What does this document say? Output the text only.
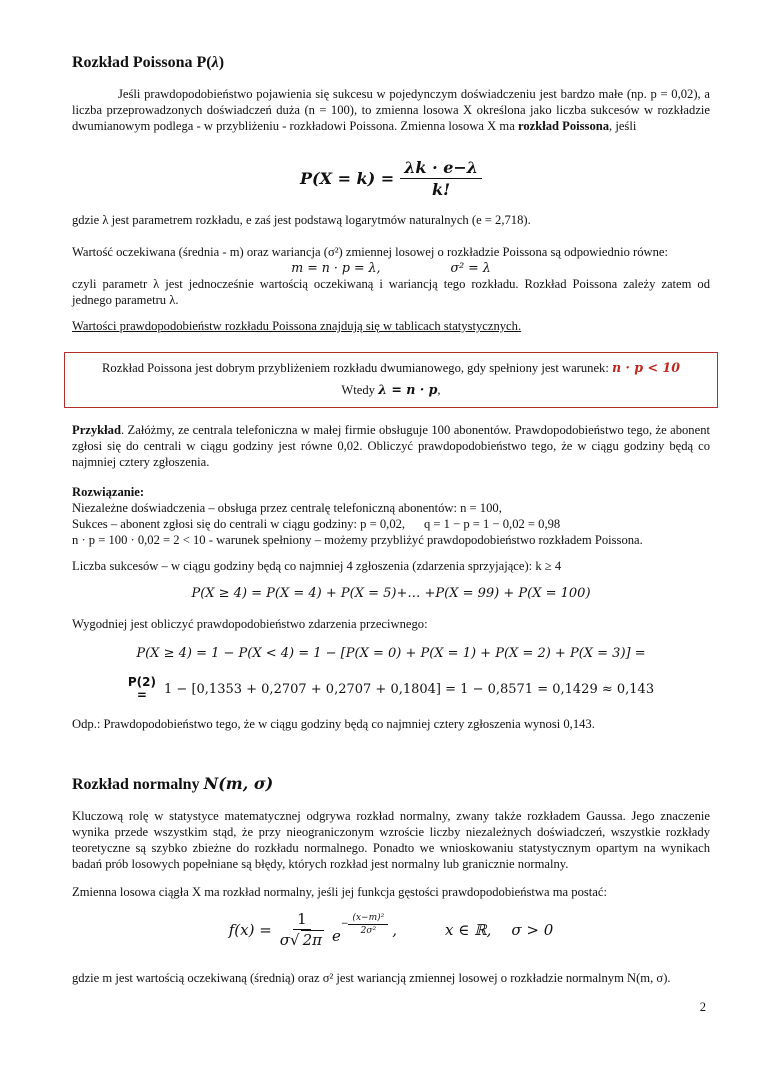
Rozkład Poissona P(λ)

Jeśli prawdopodobieństwo pojawienia się sukcesu w pojedynczym doświadczeniu jest bardzo małe (np. p = 0,02), a liczba przeprowadzonych doświadczeń duża (n = 100), to zmienna losowa X określona jako liczba sukcesów w rozkładzie dwumianowym podlega - w przybliżeniu - rozkładowi Poissona. Zmienna losowa X ma rozkład Poissona, jeśli

$P(X = k) = \frac{\lambda k \cdot e-\lambda}{k!}$

gdzie λ jest parametrem rozkładu, e zaś jest podstawą logarytmów naturalnych (e = 2,718).

Wartość oczekiwana (średnia - m) oraz wariancja (σ²) zmiennej losowej o rozkładzie Poissona są odpowiednio równe:

m = n · p = λ,	σ² = λ

czyli parametr λ jest jednocześnie wartością oczekiwaną i wariancją tego rozkładu. Rozkład Poissona zależy zatem od jednego parametru λ.

Wartości prawdopodobieństw rozkładu Poissona znajdują się w tablicach statystycznych.

Rozkład Poissona jest dobrym przybliżeniem rozkładu dwumianowego, gdy spełniony jest warunek: n · p < 10
Wtedy λ = n · p,

Przykład. Załóżmy, ze centrala telefoniczna w małej firmie obsługuje 100 abonentów. Prawdopodobieństwo tego, że abonent zgłosi się do centrali w ciągu godziny jest równe 0,02. Obliczyć prawdopodobieństwo tego, że w ciągu godziny będą co najmniej cztery zgłoszenia.

Rozwiązanie:

Niezależne doświadczenia – obsługa przez centralę telefoniczną abonentów: n = 100,

Sukces – abonent zgłosi się do centrali w ciągu godziny: p = 0,02,      q = 1 − p = 1 − 0,02 = 0,98

n · p = 100 · 0,02 = 2 < 10 - warunek spełniony – możemy przybliżyć prawdopodobieństwo rozkładem Poissona.

Liczba sukcesów – w ciągu godziny będą co najmniej 4 zgłoszenia (zdarzenia sprzyjające): k ≥ 4

P(X ≥ 4) = P(X = 4) + P(X = 5)+… +P(X = 99) + P(X = 100)

Wygodniej jest obliczyć prawdopodobieństwo zdarzenia przeciwnego:

P(X ≥ 4) = 1 − P(X < 4) = 1 − [P(X = 0) + P(X = 1) + P(X = 2) + P(X = 3)] =
P(2)
= 1 − [0,1353 + 0,2707 + 0,2707 + 0,1804] = 1 − 0,8571 = 0,1429 ≈ 0,143

Odp.: Prawdopodobieństwo tego, że w ciągu godziny będą co najmniej cztery zgłoszenia wynosi 0,143.

Rozkład normalny N(m, σ)

Kluczową rolę w statystyce matematycznej odgrywa rozkład normalny, zwany także rozkładem Gaussa. Jego znaczenie wynika przede wszystkim stąd, że przy nieograniczonym wzroście liczby niezależnych doświadczeń, wszystkie rozkłady teoretyczne są szybko zbieżne do rozkładu normalnego. Ponadto we wnioskowaniu statystycznym opartym na wynikach badań prób losowych popełniane są błędy, których rozkład jest normalny lub granicznie normalny.

Zmienna losowa ciągła X ma rozkład normalny, jeśli jej funkcja gęstości prawdopodobieństwa ma postać:

$f(x) = \frac{1}{\sigma√ 2\pi}$ e
− $\frac{\text{(x−m)²}}{\text{2σ²}}$ ,	x ∈ ℝ, σ > 0

gdzie m jest wartością oczekiwaną (średnią) oraz σ² jest wariancją zmiennej losowej o rozkładzie normalnym N(m, σ).

2
